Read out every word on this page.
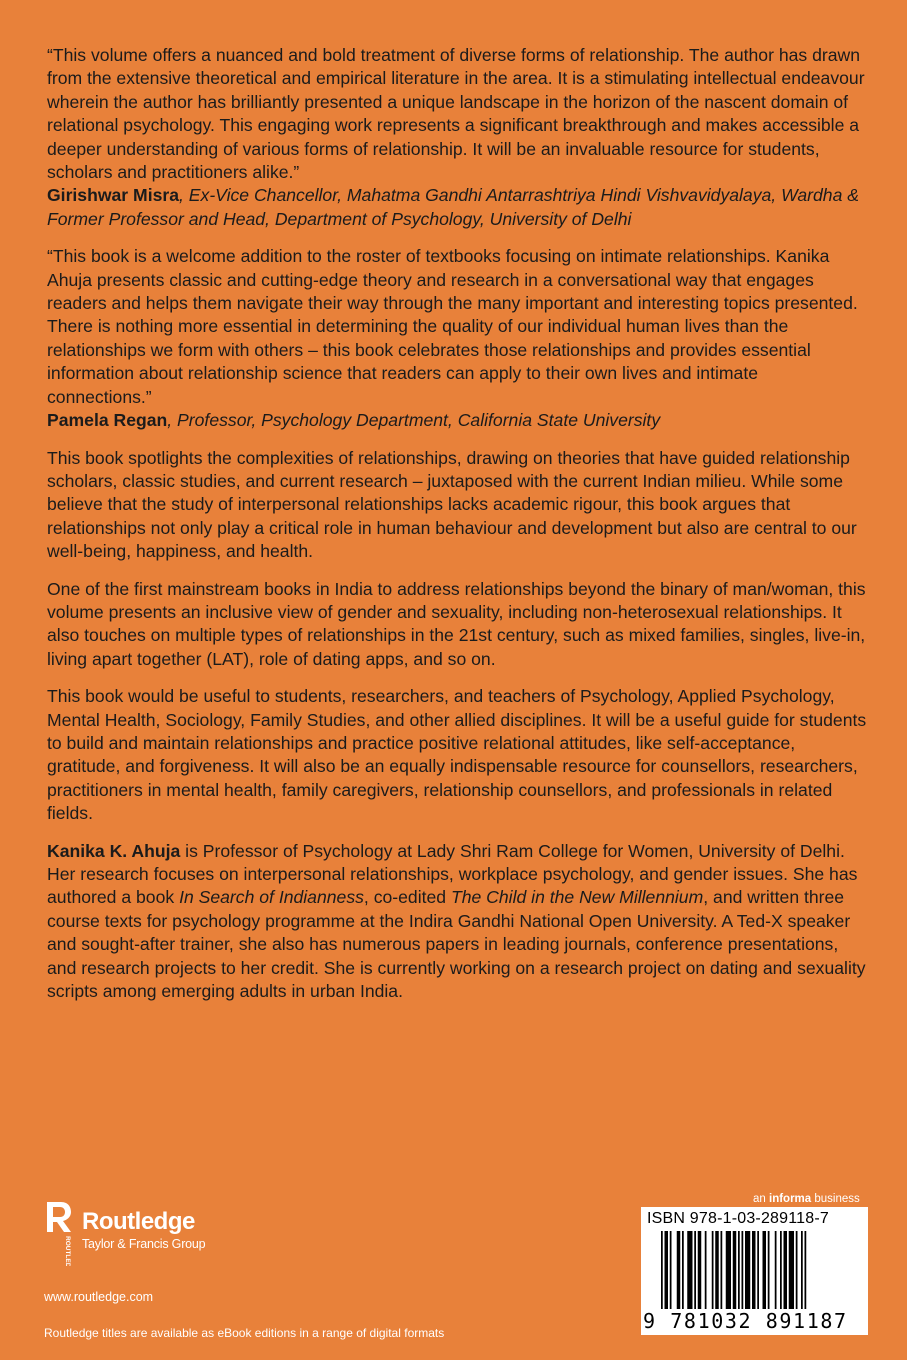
“This volume offers a nuanced and bold treatment of diverse forms of relationship. The author has drawn from the extensive theoretical and empirical literature in the area. It is a stimulating intellectual endeavour wherein the author has brilliantly presented a unique landscape in the horizon of the nascent domain of relational psychology. This engaging work represents a significant breakthrough and makes accessible a deeper understanding of various forms of relationship. It will be an invaluable resource for students, scholars and practitioners alike.”
Girishwar Misra, Ex-Vice Chancellor, Mahatma Gandhi Antarrashtriya Hindi Vishvavidyalaya, Wardha & Former Professor and Head, Department of Psychology, University of Delhi

“This book is a welcome addition to the roster of textbooks focusing on intimate relationships. Kanika Ahuja presents classic and cutting-edge theory and research in a conversational way that engages readers and helps them navigate their way through the many important and interesting topics presented. There is nothing more essential in determining the quality of our individual human lives than the relationships we form with others – this book celebrates those relationships and provides essential information about relationship science that readers can apply to their own lives and intimate connections.”
Pamela Regan, Professor, Psychology Department, California State University

This book spotlights the complexities of relationships, drawing on theories that have guided relationship scholars, classic studies, and current research – juxtaposed with the current Indian milieu. While some believe that the study of interpersonal relationships lacks academic rigour, this book argues that relationships not only play a critical role in human behaviour and development but also are central to our well-being, happiness, and health.

One of the first mainstream books in India to address relationships beyond the binary of man/woman, this volume presents an inclusive view of gender and sexuality, including non-heterosexual relationships. It also touches on multiple types of relationships in the 21st century, such as mixed families, singles, live-in, living apart together (LAT), role of dating apps, and so on.

This book would be useful to students, researchers, and teachers of Psychology, Applied Psychology, Mental Health, Sociology, Family Studies, and other allied disciplines. It will be a useful guide for students to build and maintain relationships and practice positive relational attitudes, like self-acceptance, gratitude, and forgiveness. It will also be an equally indispensable resource for counsellors, researchers, practitioners in mental health, family caregivers, relationship counsellors, and professionals in related fields.

Kanika K. Ahuja is Professor of Psychology at Lady Shri Ram College for Women, University of Delhi. Her research focuses on interpersonal relationships, workplace psychology, and gender issues. She has authored a book In Search of Indianness, co-edited The Child in the New Millennium, and written three course texts for psychology programme at the Indira Gandhi National Open University. A Ted-X speaker and sought-after trainer, she also has numerous papers in leading journals, conference presentations, and research projects to her credit. She is currently working on a research project on dating and sexuality scripts among emerging adults in urban India.

ROUTLEDGE
Routledge
Taylor & Francis Group
www.routledge.com
Routledge titles are available as eBook editions in a range of digital formats
an informa business
ISBN 978-1-03-289118-7
9 781032 891187
